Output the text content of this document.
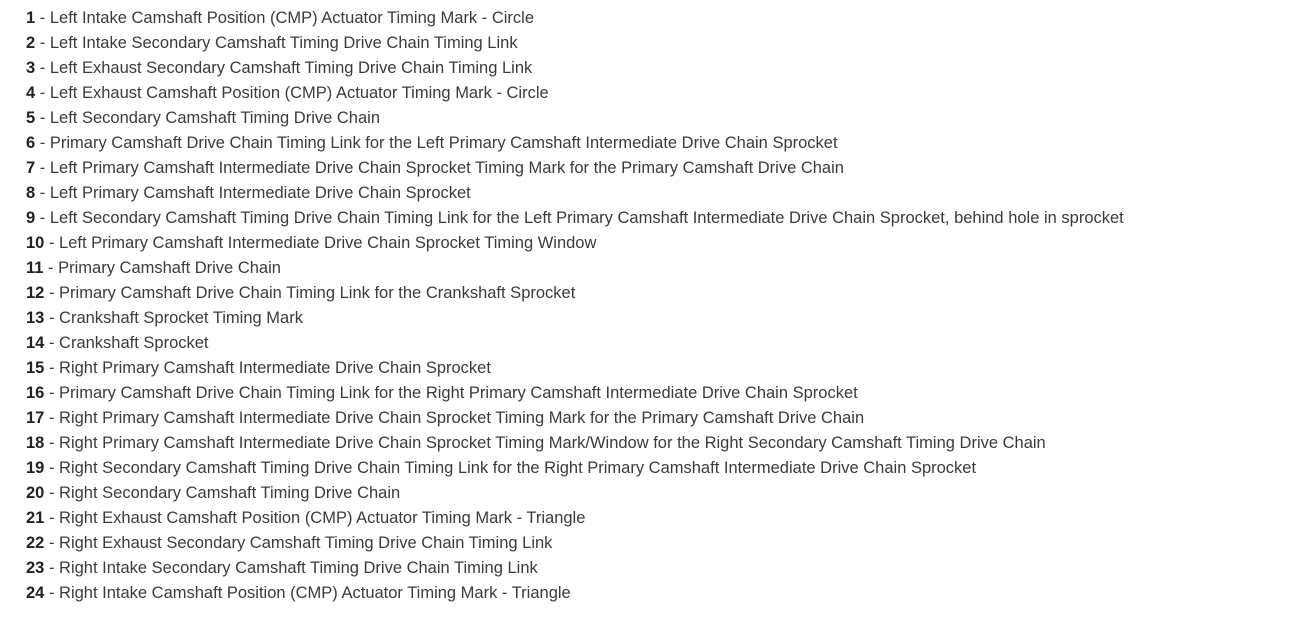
1 - Left Intake Camshaft Position (CMP) Actuator Timing Mark - Circle
2 - Left Intake Secondary Camshaft Timing Drive Chain Timing Link
3 - Left Exhaust Secondary Camshaft Timing Drive Chain Timing Link
4 - Left Exhaust Camshaft Position (CMP) Actuator Timing Mark - Circle
5 - Left Secondary Camshaft Timing Drive Chain
6 - Primary Camshaft Drive Chain Timing Link for the Left Primary Camshaft Intermediate Drive Chain Sprocket
7 - Left Primary Camshaft Intermediate Drive Chain Sprocket Timing Mark for the Primary Camshaft Drive Chain
8 - Left Primary Camshaft Intermediate Drive Chain Sprocket
9 - Left Secondary Camshaft Timing Drive Chain Timing Link for the Left Primary Camshaft Intermediate Drive Chain Sprocket, behind hole in sprocket
10 - Left Primary Camshaft Intermediate Drive Chain Sprocket Timing Window
11 - Primary Camshaft Drive Chain
12 - Primary Camshaft Drive Chain Timing Link for the Crankshaft Sprocket
13 - Crankshaft Sprocket Timing Mark
14 - Crankshaft Sprocket
15 - Right Primary Camshaft Intermediate Drive Chain Sprocket
16 - Primary Camshaft Drive Chain Timing Link for the Right Primary Camshaft Intermediate Drive Chain Sprocket
17 - Right Primary Camshaft Intermediate Drive Chain Sprocket Timing Mark for the Primary Camshaft Drive Chain
18 - Right Primary Camshaft Intermediate Drive Chain Sprocket Timing Mark/Window for the Right Secondary Camshaft Timing Drive Chain
19 - Right Secondary Camshaft Timing Drive Chain Timing Link for the Right Primary Camshaft Intermediate Drive Chain Sprocket
20 - Right Secondary Camshaft Timing Drive Chain
21 - Right Exhaust Camshaft Position (CMP) Actuator Timing Mark - Triangle
22 - Right Exhaust Secondary Camshaft Timing Drive Chain Timing Link
23 - Right Intake Secondary Camshaft Timing Drive Chain Timing Link
24 - Right Intake Camshaft Position (CMP) Actuator Timing Mark - Triangle
